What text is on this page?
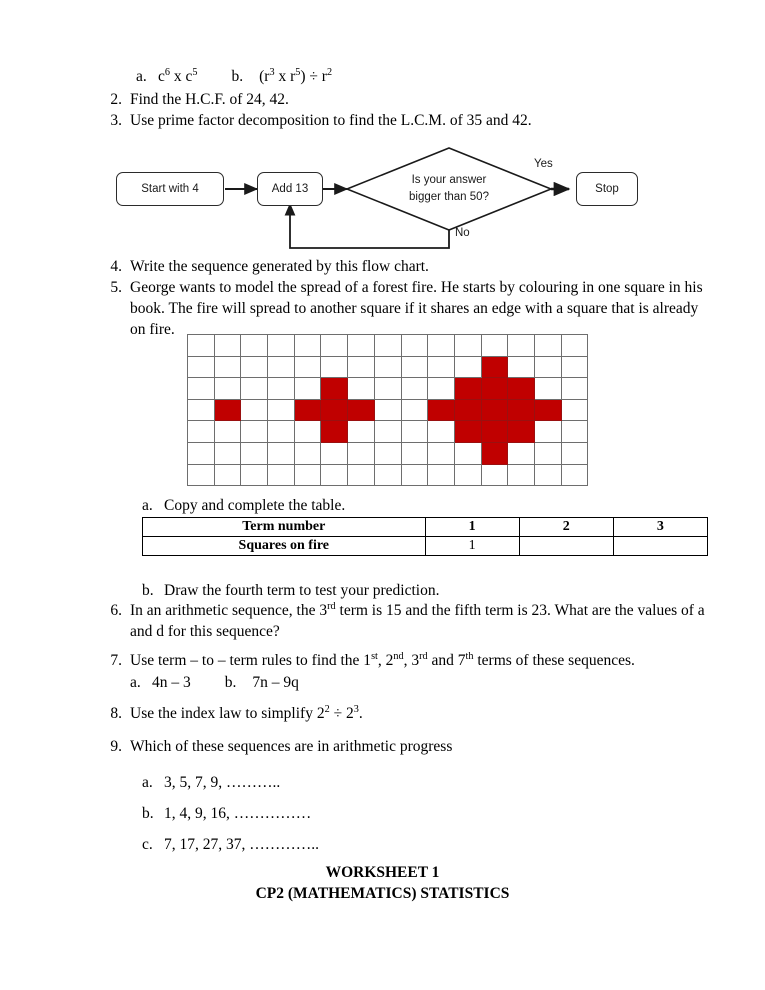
a. $c^6$ x $c^5$ b. ($r^3$ x $r^5) \div r^2$
2. Find the H.C.F. of 24, 42.
3. Use prime factor decomposition to find the L.C.M. of 35 and 42.
Start with 4	Add 13
Is your answer
bigger than 50?
Yes
No
Stop
4. Write the sequence generated by this flow chart.
5. George wants to model the spread of a forest fire. He starts by colouring in one square in his book. The fire will spread to another square if it shares an edge with a square that is already on fire.

a. Copy and complete the table.
Term number	1	2	3
Squares on fire	1		
b. Draw the fourth term to test your prediction.
6. In an arithmetic sequence, the 3rd term is 15 and the fifth term is 23. What are the values of a and d for this sequence?
7. Use term – to – term rules to find the 1st, 2nd, 3rd and 7th terms of these sequences.
a. 4n – 3 b. 7n – 9q
8. Use the index law to simplify $2^2 \div 2^3$.
9. Which of these sequences are in arithmetic progress
a. 3, 5, 7, 9, ………..
b. 1, 4, 9, 16, ……………
c. 7, 17, 27, 37, …………..
WORKSHEET 1
CP2 (MATHEMATICS) STATISTICS
